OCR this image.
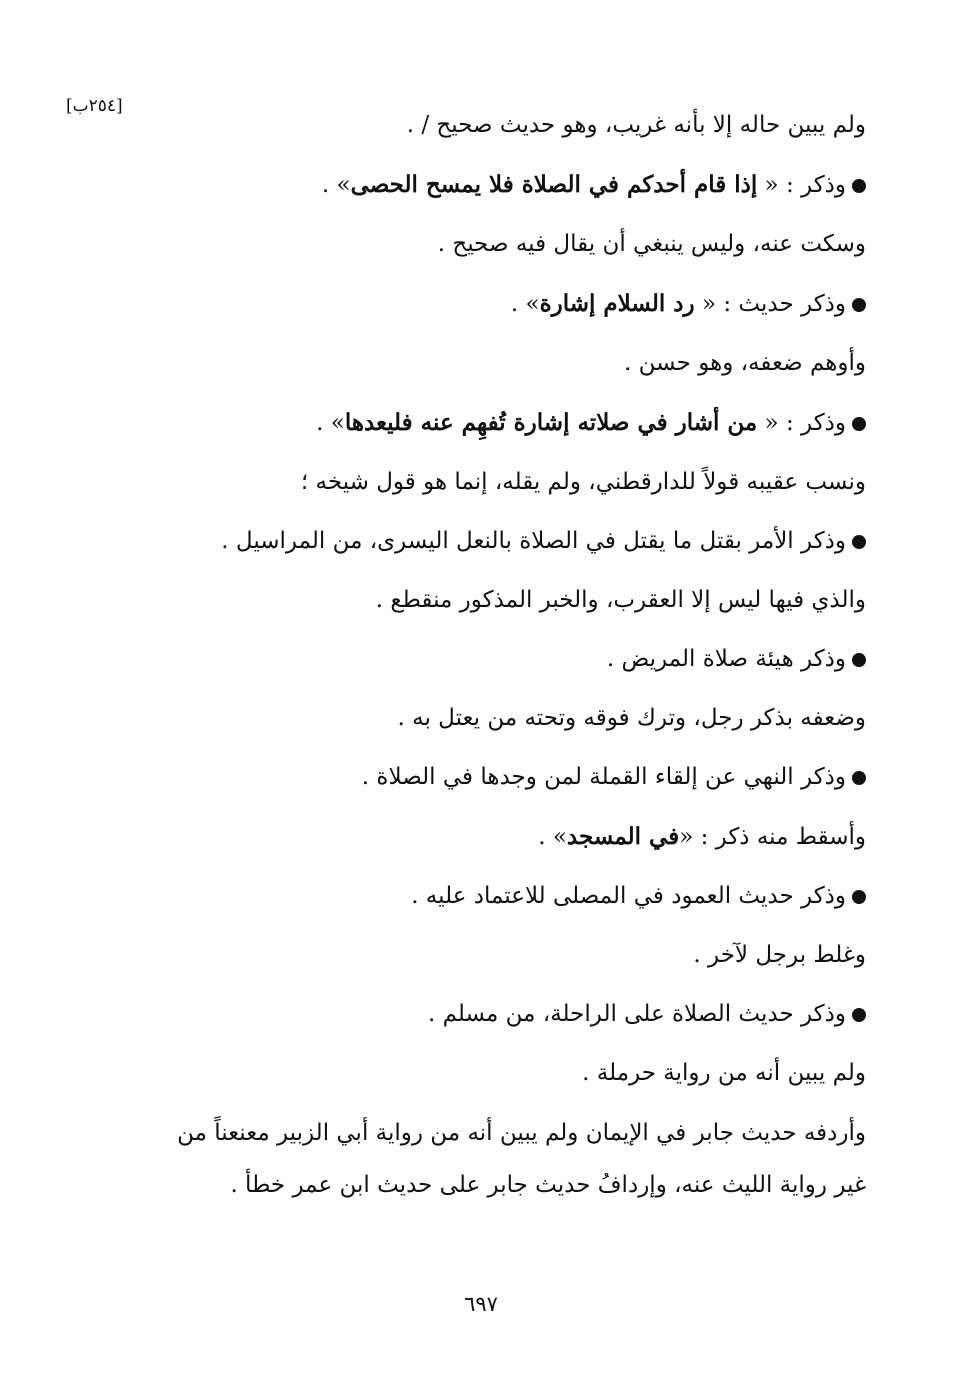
[٢٥٤ب]

ولم يبين حاله إلا بأنه غريب، وهو حديث صحيح / .

وذكر : « إذا قام أحدكم في الصلاة فلا يمسح الحصى» .

وسكت عنه، وليس ينبغي أن يقال فيه صحيح .

وذكر حديث : « رد السلام إشارة» .

وأوهم ضعفه، وهو حسن .

وذكر : « من أشار في صلاته إشارة تُفهِم عنه فليعدها» .

ونسب عقيبه قولاً للدارقطني، ولم يقله، إنما هو قول شيخه ؛

وذكر الأمر بقتل ما يقتل في الصلاة بالنعل اليسرى، من المراسيل .

والذي فيها ليس إلا العقرب، والخبر المذكور منقطع .

وذكر هيئة صلاة المريض .

وضعفه بذكر رجل، وترك فوقه وتحته من يعتل به .

وذكر النهي عن إلقاء القملة لمن وجدها في الصلاة .

وأسقط منه ذكر : «في المسجد» .

وذكر حديث العمود في المصلى للاعتماد عليه .

وغلط برجل لآخر .

وذكر حديث الصلاة على الراحلة، من مسلم .

ولم يبين أنه من رواية حرملة .

وأردفه حديث جابر في الإيمان ولم يبين أنه من رواية أبي الزبير معنعناً من غير رواية الليث عنه، وإردافُ حديث جابر على حديث ابن عمر خطأ .

٦٩٧
